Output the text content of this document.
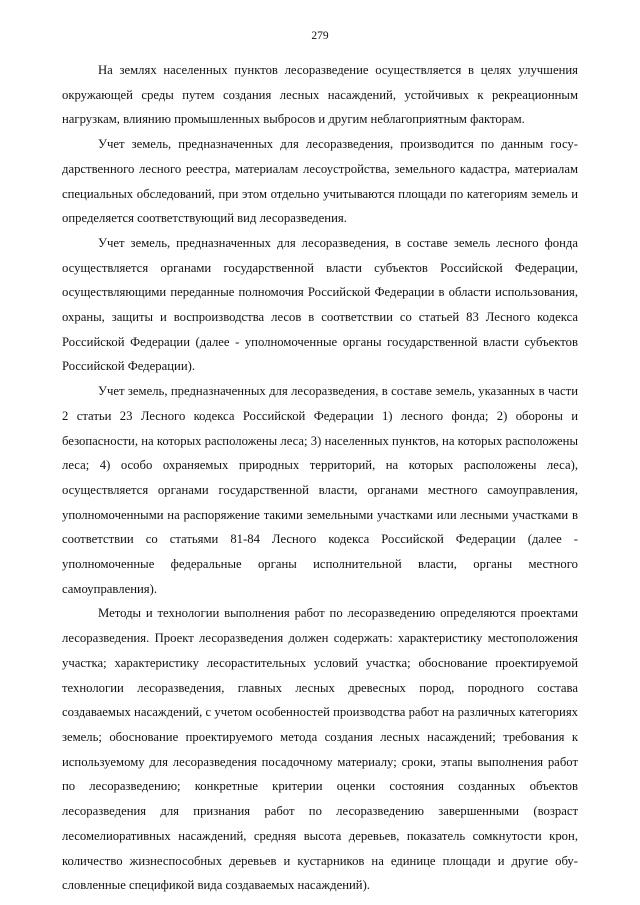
279

На землях населенных пунктов лесоразведение осуществляется в целях улучшения окружающей среды путем создания лесных насаждений, устойчивых к рекреационным нагрузкам, влиянию промышленных выбросов и другим неблагоприятным факторам.

Учет земель, предназначенных для лесоразведения, производится по данным государственного лесного реестра, материалам лесоустройства, земельного кадастра, материалам специальных обследований, при этом отдельно учитываются площади по категориям земель и определяется соответствующий вид лесоразведения.

Учет земель, предназначенных для лесоразведения, в составе земель лесного фонда осуществляется органами государственной власти субъектов Российской Федерации, осуществляющими переданные полномочия Российской Федерации в области использования, охраны, защиты и воспроизводства лесов в соответствии со статьей 83 Лесного кодекса Российской Федерации (далее - уполномоченные органы государственной власти субъектов Российской Федерации).

Учет земель, предназначенных для лесоразведения, в составе земель, указанных в части 2 статьи 23 Лесного кодекса Российской Федерации 1) лесного фонда; 2) обороны и безопасности, на которых расположены леса; 3) населенных пунктов, на которых расположены леса; 4) особо охраняемых природных территорий, на которых расположены леса), осуществляется органами государственной власти, органами местного самоуправления, уполномоченными на распоряжение такими земельными участками или лесными участками в соответствии со статьями 81-84 Лесного кодекса Российской Федерации (далее - уполномоченные федеральные органы исполнительной власти, органы местного самоуправления).

Методы и технологии выполнения работ по лесоразведению определяются проектами лесоразведения. Проект лесоразведения должен содержать: характеристику местоположения участка; характеристику лесорастительных условий участка; обоснование проектируемой технологии лесоразведения, главных лесных древесных пород, породного состава создаваемых насаждений, с учетом особенностей производства работ на различных категориях земель; обоснование проектируемого метода создания лесных насаждений; требования к используемому для лесоразведения посадочному материалу; сроки, этапы выполнения работ по лесоразведению; конкретные критерии оценки состояния созданных объектов лесоразведения для признания работ по лесоразведению завершенными (возраст лесомелиоративных насаждений, средняя высота деревьев, показатель сомкнутости крон, количество жизнеспособных деревьев и кустарников на единице площади и другие обусловленные спецификой вида создаваемых насаждений).
